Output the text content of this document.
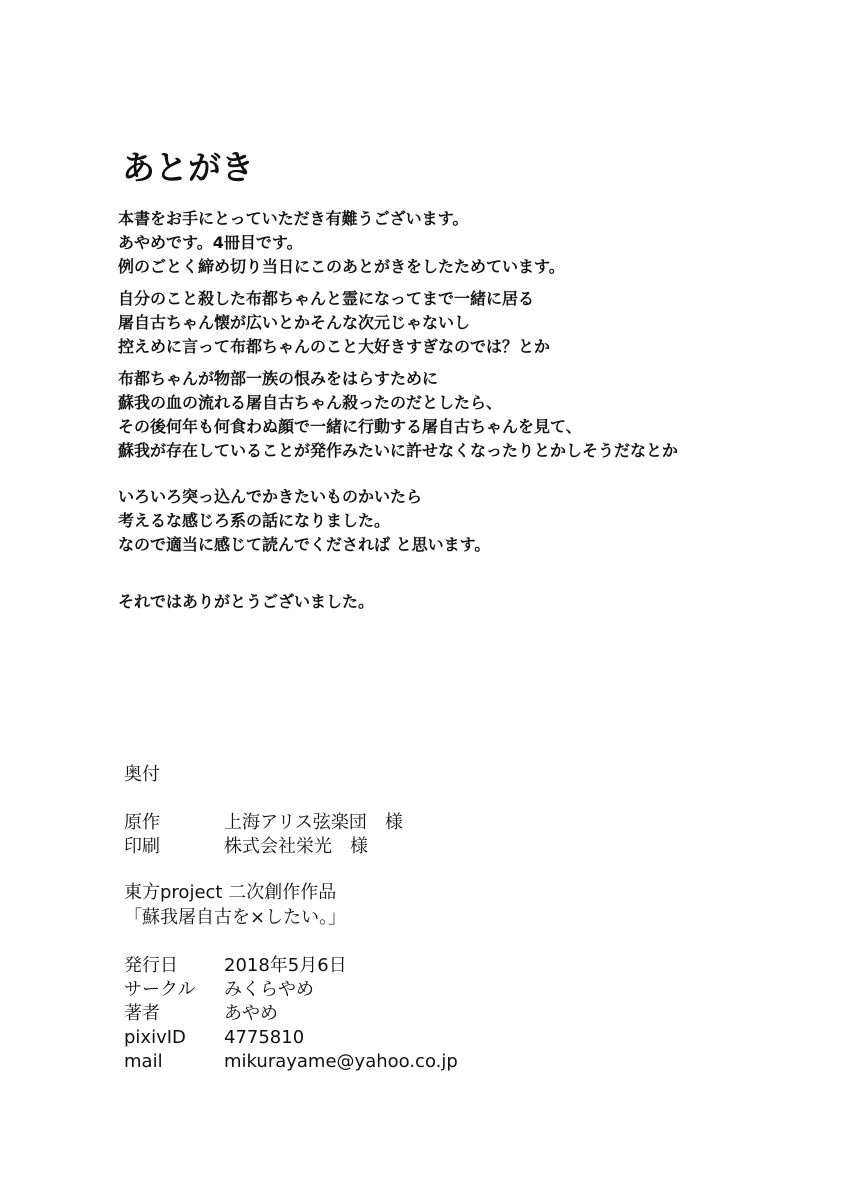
あとがき
本書をお手にとっていただき有難うございます。
あやめです。4冊目です。
例のごとく締め切り当日にこのあとがきをしたためています。
自分のこと殺した布都ちゃんと霊になってまで一緒に居る
屠自古ちゃん懐が広いとかそんな次元じゃないし
控えめに言って布都ちゃんのこと大好きすぎなのでは？とか
布都ちゃんが物部一族の恨みをはらすために
蘇我の血の流れる屠自古ちゃん殺ったのだとしたら、
その後何年も何食わぬ顔で一緒に行動する屠自古ちゃんを見て、
蘇我が存在していることが発作みたいに許せなくなったりとかしそうだなとか
いろいろ突っ込んでかきたいものかいたら
考えるな感じろ系の話になりました。
なので適当に感じて読んでくだされば と思います。
それではありがとうございました。
奥付
原作	上海アリス弦楽団　様
印刷	株式会社栄光　様
東方project 二次創作作品
「蘇我屠自古を×したい。」
発行日	2018年5月6日
サークル みくらやめ
著者	あやめ
pixivID 4775810
mail	mikurayame@yahoo.co.jp
